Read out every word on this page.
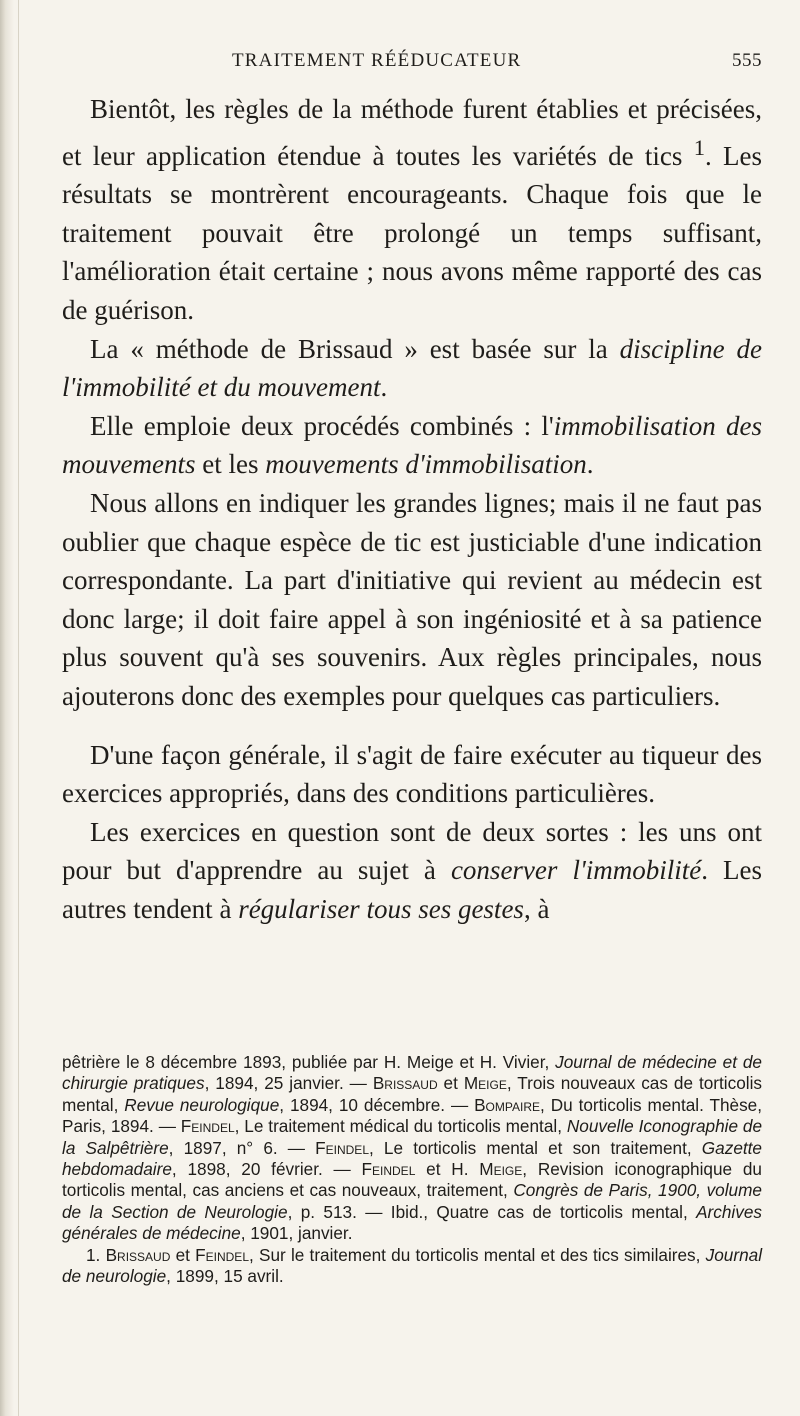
TRAITEMENT RÉÉDUCATEUR	555

Bientôt, les règles de la méthode furent établies et précisées, et leur application étendue à toutes les variétés de tics $^1$. Les résultats se montrèrent encourageants. Chaque fois que le traitement pouvait être prolongé un temps suffisant, l'amélioration était certaine ; nous avons même rapporté des cas de guérison.

La « méthode de Brissaud » est basée sur la discipline de l'immobilité et du mouvement.

Elle emploie deux procédés combinés : l'immobilisation des mouvements et les mouvements d'immobilisation.

Nous allons en indiquer les grandes lignes; mais il ne faut pas oublier que chaque espèce de tic est justiciable d'une indication correspondante. La part d'initiative qui revient au médecin est donc large; il doit faire appel à son ingéniosité et à sa patience plus souvent qu'à ses souvenirs. Aux règles principales, nous ajouterons donc des exemples pour quelques cas particuliers.

D'une façon générale, il s'agit de faire exécuter au tiqueur des exercices appropriés, dans des conditions particulières.

Les exercices en question sont de deux sortes : les uns ont pour but d'apprendre au sujet à conserver l'immobilité. Les autres tendent à régulariser tous ses gestes, à

pêtrière le 8 décembre 1893, publiée par H. Meige et H. Vivier, Journal de médecine et de chirurgie pratiques, 1894, 25 janvier. — Brissaud et Meige, Trois nouveaux cas de torticolis mental, Revue neurologique, 1894, 10 décembre. — Bompaire, Du torticolis mental. Thèse, Paris, 1894. — Feindel, Le traitement médical du torticolis mental, Nouvelle Iconographie de la Salpêtrière, 1897, n° 6. — Feindel, Le torticolis mental et son traitement, Gazette hebdomadaire, 1898, 20 février. — Feindel et H. Meige, Revision iconographique du torticolis mental, cas anciens et cas nouveaux, traitement, Congrès de Paris, 1900, volume de la Section de Neurologie, p. 513. — Ibid., Quatre cas de torticolis mental, Archives générales de médecine, 1901, janvier.

1. Brissaud et Feindel, Sur le traitement du torticolis mental et des tics similaires, Journal de neurologie, 1899, 15 avril.
